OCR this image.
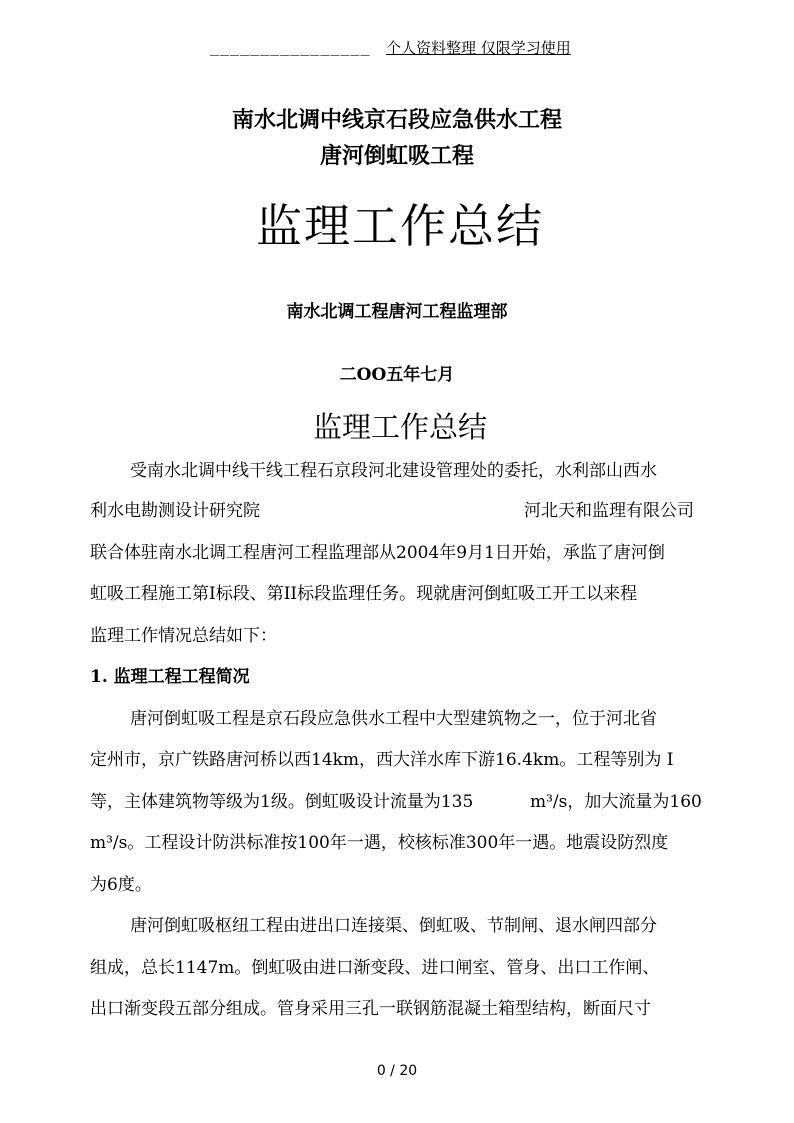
________________ 个人资料整理 仅限学习使用
南水北调中线京石段应急供水工程
唐河倒虹吸工程
监理工作总结
南水北调工程唐河工程监理部
二OO五年七月
监理工作总结
受南水北调中线干线工程石京段河北建设管理处的委托，水利部山西水
利水电勘测设计研究院	河北天和监理有限公司
联合体驻南水北调工程唐河工程监理部从2004年9月1日开始，承监了唐河倒
虹吸工程施工第I标段、第II标段监理任务。现就唐河倒虹吸工开工以来程
监理工作情况总结如下：
1. 监理工程工程简况
唐河倒虹吸工程是京石段应急供水工程中大型建筑物之一，位于河北省
定州市，京广铁路唐河桥以西14km，西大洋水库下游16.4km。工程等别为 I
等，主体建筑物等级为1级。倒虹吸设计流量为135	m³/s，加大流量为160
m³/s。工程设计防洪标准按100年一遇，校核标准300年一遇。地震设防烈度
为6度。
唐河倒虹吸枢纽工程由进出口连接渠、倒虹吸、节制闸、退水闸四部分
组成，总长1147m。倒虹吸由进口渐变段、进口闸室、管身、出口工作闸、
出口渐变段五部分组成。管身采用三孔一联钢筋混凝土箱型结构，断面尺寸
0 / 20
